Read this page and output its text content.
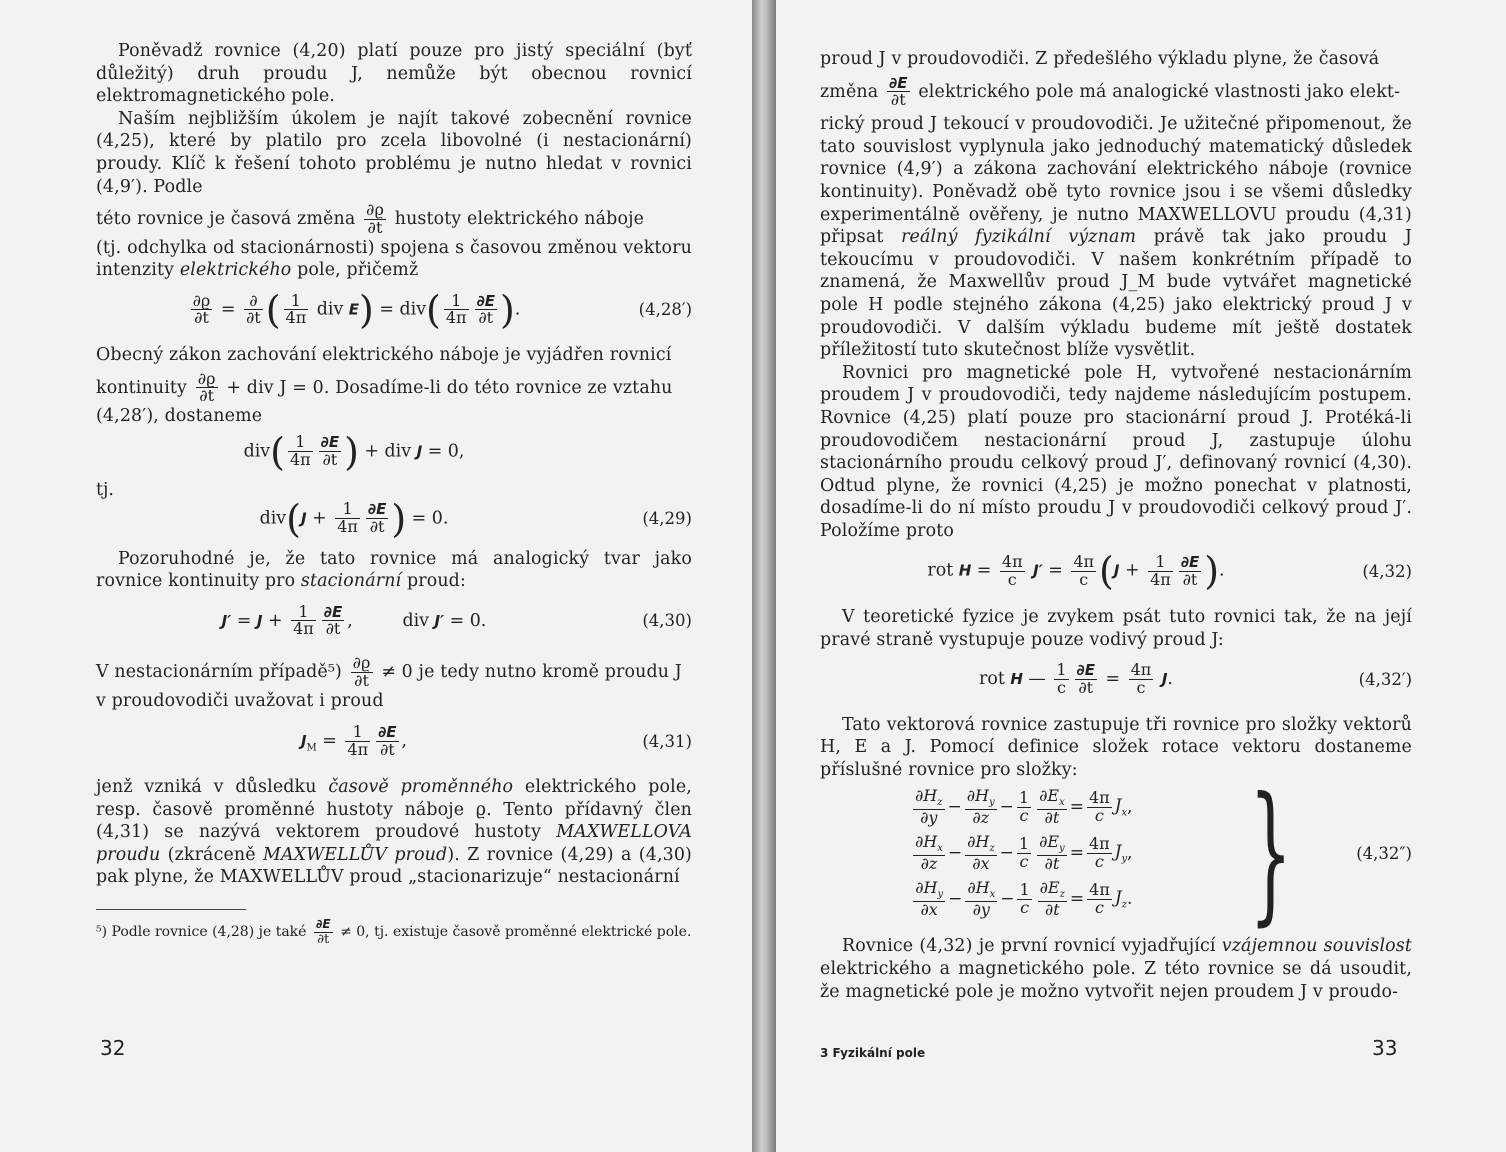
Poněvadž rovnice (4,20) platí pouze pro jistý speciální (byť důležitý) druh proudu J, nemůže být obecnou rovnicí elektromagnetického pole.

Naším nejbližším úkolem je najít takové zobecnění rovnice (4,25), které by platilo pro zcela libovolné (i nestacionární) proudy. Klíč k řešení tohoto problému je nutno hledat v rovnici (4,9′). Podle

této rovnice je časová změna $\frac{\partial ϱ}{\partial t}$ hustoty elektrického náboje

(tj. odchylka od stacionárnosti) spojena s časovou změnou vektoru intenzity elektrického pole, přičemž

$\frac{\partial ϱ}{\partial t} = \frac{\partial}{\partial t}$ ( $\frac{1}{4\pi}$ div $E) = div( \frac{1}{4\pi} \frac{\partial E}{\partial t}$ ).	(4,28′)

Obecný zákon zachování elektrického náboje je vyjádřen rovnicí

kontinuity $\frac{\partial ϱ}{\partial t}$ + div J = 0. Dosadíme-li do této rovnice ze vztahu

(4,28′), dostaneme

$div( \frac{1}{4\pi} \frac{\partial E}{\partial t}$ ) + div J = 0,
tj.
$div(J + \frac{1}{4\pi} \frac{\partial E}{\partial t}$ ) = 0.	(4,29)

Pozoruhodné je, že tato rovnice má analogický tvar jako rovnice kontinuity pro stacionární proud:

$J' = J + \frac{1}{4\pi} \frac{\partial E}{\partial t}$ ,         div J′ = 0.	(4,30)

V nestacionárním případě⁵) $\frac{\partial ϱ}{\partial t} \ne 0$ je tedy nutno kromě proudu J

v proudovodiči uvažovat i proud

$J_M = \frac{1}{4\pi} \frac{\partial E}{\partial t}$ ,	(4,31)

jenž vzniká v důsledku časově proměnného elektrického pole, resp. časově proměnné hustoty náboje ϱ. Tento přídavný člen (4,31) se nazývá vektorem proudové hustoty MAXWELLOVA proudu (zkráceně MAXWELLŮV proud). Z rovnice (4,29) a (4,30) pak plyne, že MAXWELLŮV proud „stacionarizuje“ nestacionární

⁵) Podle rovnice (4,28) je také $\frac{\partial E}{\partial t} \ne 0$, tj. existuje časově proměnné elektrické pole.
32

proud J v proudovodiči. Z předešlého výkladu plyne, že časová

změna $\frac{\partial E}{\partial t}$ elektrického pole má analogické vlastnosti jako elekt-

rický proud J tekoucí v proudovodiči. Je užitečné připomenout, že tato souvislost vyplynula jako jednoduchý matematický důsledek rovnice (4,9′) a zákona zachování elektrického náboje (rovnice kontinuity). Poněvadž obě tyto rovnice jsou i se všemi důsledky experimentálně ověřeny, je nutno MAXWELLOVU proudu (4,31) připsat reálný fyzikální význam právě tak jako proudu J tekoucímu v proudovodiči. V našem konkrétním případě to znamená, že Maxwellův proud J_M bude vytvářet magnetické pole H podle stejného zákona (4,25) jako elektrický proud J v proudovodiči. V dalším výkladu budeme mít ještě dostatek příležitostí tuto skutečnost blíže vysvětlit.

Rovnici pro magnetické pole H, vytvořené nestacionárním proudem J v proudovodiči, tedy najdeme následujícím postupem. Rovnice (4,25) platí pouze pro stacionární proud J. Protéká-li proudovodičem nestacionární proud J, zastupuje úlohu stacionárního proudu celkový proud J′, definovaný rovnicí (4,30). Odtud plyne, že rovnici (4,25) je možno ponechat v platnosti, dosadíme-li do ní místo proudu J v proudovodiči celkový proud J′. Položíme proto

rot $H = \frac{4\pi}{c} J' = \frac{4\pi}{c} (J + \frac{1}{4\pi} \frac{\partial E}{\partial t}$ ).	(4,32)

V teoretické fyzice je zvykem psát tuto rovnici tak, že na její pravé straně vystupuje pouze vodivý proud J:

rot H — $\frac{1}{c} \frac{\partial E}{\partial t} = \frac{4\pi}{c} J$.	(4,32′)

Tato vektorová rovnice zastupuje tři rovnice pro složky vektorů H, E a J. Pomocí definice složek rotace vektoru dostaneme příslušné rovnice pro složky:

$\frac{\partial H_z}{\partial y} - \frac{\partial H_y}{\partial z} - \frac{1}{c} \frac{\partial E_x}{\partial t} = \frac{4\pi}{c} J_x$ ,
$\frac{\partial H_x}{\partial z} - \frac{\partial H_z}{\partial x} - \frac{1}{c} \frac{\partial E_y}{\partial t} = \frac{4\pi}{c} J_y$ ,
$\frac{\partial H_y}{\partial x} - \frac{\partial H_x}{\partial y} - \frac{1}{c} \frac{\partial E_z}{\partial t} = \frac{4\pi}{c} J_z$ . }	(4,32″)

Rovnice (4,32) je první rovnicí vyjadřující vzájemnou souvislost elektrického a magnetického pole. Z této rovnice se dá usoudit, že magnetické pole je možno vytvořit nejen proudem J v proudo-

3 Fyzikální pole	33
